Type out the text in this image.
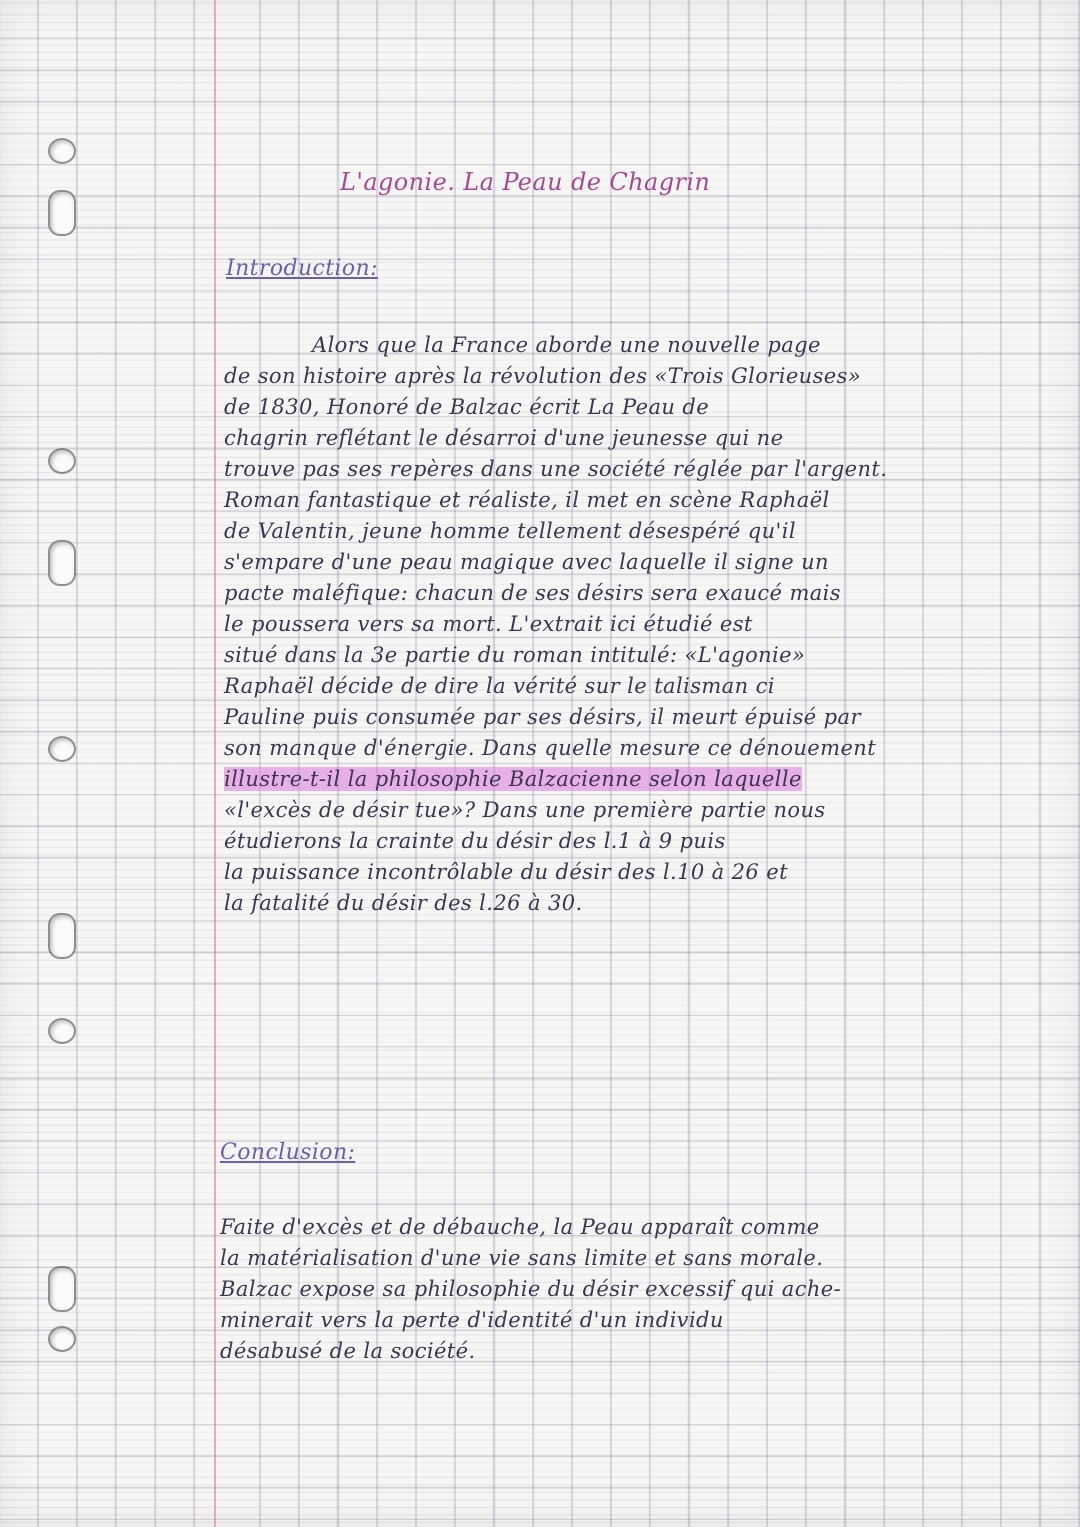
L'agonie. La Peau de Chagrin
Introduction:
Alors que la France aborde une nouvelle page
de son histoire après la révolution des «Trois Glorieuses»
de 1830, Honoré de Balzac écrit La Peau de
chagrin reflétant le désarroi d'une jeunesse qui ne
trouve pas ses repères dans une société réglée par l'argent.
Roman fantastique et réaliste, il met en scène Raphaël
de Valentin, jeune homme tellement désespéré qu'il
s'empare d'une peau magique avec laquelle il signe un
pacte maléfique: chacun de ses désirs sera exaucé mais
le poussera vers sa mort. L'extrait ici étudié est
situé dans la 3e partie du roman intitulé: «L'agonie»
Raphaël décide de dire la vérité sur le talisman ci
Pauline puis consumée par ses désirs, il meurt épuisé par
son manque d'énergie. Dans quelle mesure ce dénouement
illustre-t-il la philosophie Balzacienne selon laquelle
«l'excès de désir tue»? Dans une première partie nous
étudierons la crainte du désir des l.1 à 9 puis
la puissance incontrôlable du désir des l.10 à 26 et
la fatalité du désir des l.26 à 30.
Conclusion:
Faite d'excès et de débauche, la Peau apparaît comme
la matérialisation d'une vie sans limite et sans morale.
Balzac expose sa philosophie du désir excessif qui ache-
minerait vers la perte d'identité d'un individu
désabusé de la société.
